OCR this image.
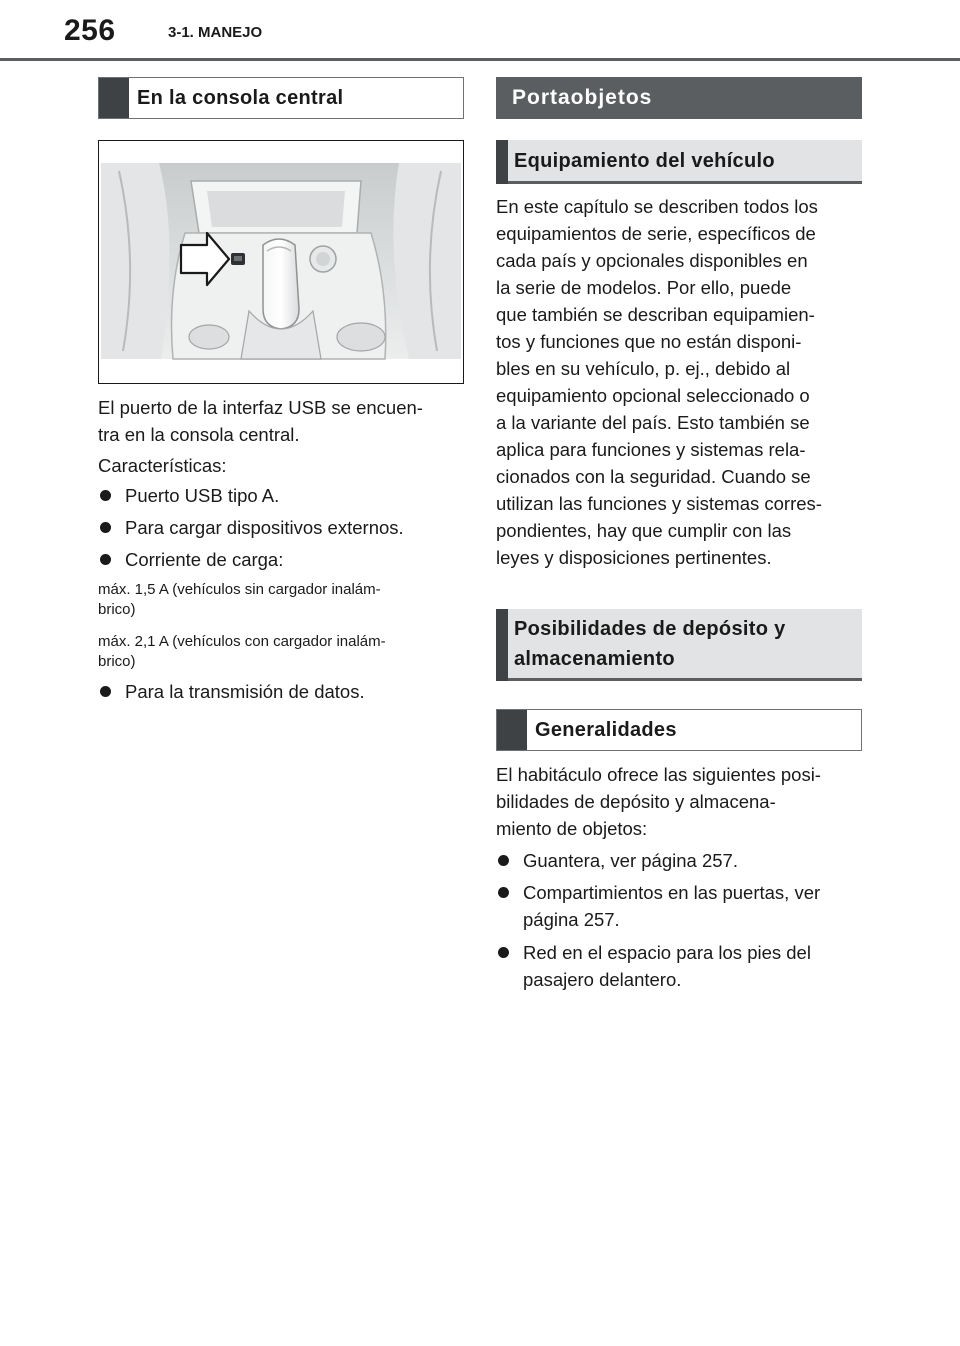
256	3-1. MANEJO
En la consola central

El puerto de la interfaz USB se encuen-
tra en la consola central.

Características:

Puerto USB tipo A.
Para cargar dispositivos externos.
Corriente de carga:

máx. 1,5 A (vehículos sin cargador inalám-
brico)

máx. 2,1 A (vehículos con cargador inalám-
brico)

Para la transmisión de datos.
Portaobjetos
Equipamiento del vehículo

En este capítulo se describen todos los
equipamientos de serie, específicos de
cada país y opcionales disponibles en
la serie de modelos. Por ello, puede
que también se describan equipamien-
tos y funciones que no están disponi-
bles en su vehículo, p. ej., debido al
equipamiento opcional seleccionado o
a la variante del país. Esto también se
aplica para funciones y sistemas rela-
cionados con la seguridad. Cuando se
utilizan las funciones y sistemas corres-
pondientes, hay que cumplir con las
leyes y disposiciones pertinentes.

Posibilidades de depósito y
almacenamiento
Generalidades

El habitáculo ofrece las siguientes posi-
bilidades de depósito y almacena-
miento de objetos:

Guantera, ver página 257.
Compartimientos en las puertas, ver
página 257.
Red en el espacio para los pies del
pasajero delantero.
